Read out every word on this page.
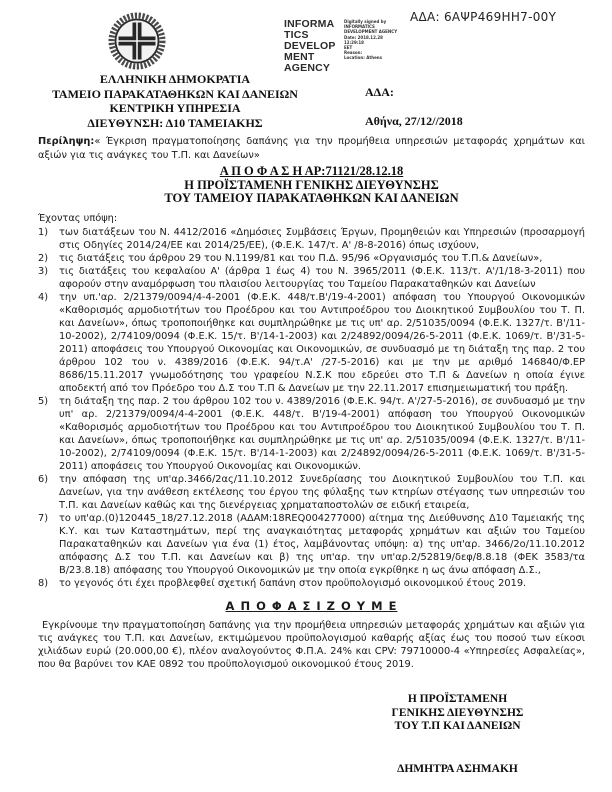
ΑΔΑ: 6ΑΨΡ469ΗΗ7-00Υ
INFORMATICS DEVELOPMENT AGENCY
Digitally signed by
INFORMATICS
DEVELOPMENT AGENCY
Date: 2018.12.28 12:29:18
EET
Reason:
Location: Athens
ΕΛΛΗΝΙΚΗ ΔΗΜΟΚΡΑΤΙΑ
ΤΑΜΕΙΟ ΠΑΡΑΚΑΤΑΘΗΚΩΝ ΚΑΙ ΔΑΝΕΙΩΝ
ΚΕΝΤΡΙΚΗ ΥΠΗΡΕΣΙΑ
ΔΙΕΥΘΥΝΣΗ: Δ10 ΤΑΜΕΙΑΚΗΣ
ΑΔΑ:
Αθήνα, 27/12//2018
Περίληψη:« Έγκριση πραγματοποίησης δαπάνης για την προμήθεια υπηρεσιών μεταφοράς χρημάτων και αξιών για τις ανάγκες του Τ.Π. και Δανείων»
Α Π Ο Φ Α Σ Η ΑΡ:71121/28.12.18
Η ΠΡΟΪΣΤΑΜΕΝΗ ΓΕΝΙΚΗΣ ΔΙΕΥΘΥΝΣΗΣ
ΤΟΥ ΤΑΜΕΙΟΥ ΠΑΡΑΚΑΤΑΘΗΚΩΝ ΚΑΙ ΔΑΝΕΙΩΝ
Έχοντας υπόψη:
1)	των διατάξεων του Ν. 4412/2016 «Δημόσιες Συμβάσεις Έργων, Προμηθειών και Υπηρεσιών (προσαρμογή στις Οδηγίες 2014/24/ΕΕ και 2014/25/ΕΕ), (Φ.Ε.Κ. 147/τ. Α' /8-8-2016) όπως ισχύουν,
2)	τις διατάξεις του άρθρου 29 του Ν.1199/81 και του Π.Δ. 95/96 «Οργανισμός του Τ.Π.& Δανείων»,
3)	τις διατάξεις του κεφαλαίου Α' (άρθρα 1 έως 4) του Ν. 3965/2011 (Φ.Ε.Κ. 113/τ. Α'/1/18-3-2011) που αφορούν στην αναμόρφωση του πλαισίου λειτουργίας του Ταμείου Παρακαταθηκών και Δανείων
4)	την υπ.'αρ. 2/21379/0094/4-4-2001 (Φ.Ε.Κ. 448/τ.Β'/19-4-2001) απόφαση του Υπουργού Οικονομικών «Καθορισμός αρμοδιοτήτων του Προέδρου και του Αντιπροέδρου του Διοικητικού Συμβουλίου του Τ. Π. και Δανείων», όπως τροποποιήθηκε και συμπληρώθηκε με τις υπ' αρ. 2/51035/0094 (Φ.Ε.Κ. 1327/τ. Β'/11-10-2002), 2/74109/0094 (Φ.Ε.Κ. 15/τ. Β'/14-1-2003) και 2/24892/0094/26-5-2011 (Φ.Ε.Κ. 1069/τ. Β'/31-5-2011) αποφάσεις του Υπουργού Οικονομίας και Οικονομικών, σε συνδυασμό με τη διάταξη της παρ. 2 του άρθρου 102 του ν. 4389/2016 (Φ.Ε.Κ. 94/τ.Α' /27-5-2016) και με την με αριθμό 146840/Φ.ΕΡ 8686/15.11.2017 γνωμοδότησης του γραφείου Ν.Σ.Κ που εδρεύει στο Τ.Π & Δανείων η οποία έγινε αποδεκτή από τον Πρόεδρο του Δ.Σ του Τ.Π & Δανείων με την 22.11.2017 επισημειωματική του πράξη.
5)	τη διάταξη της παρ. 2 του άρθρου 102 του ν. 4389/2016 (Φ.Ε.Κ. 94/τ. Α'/27-5-2016), σε συνδυασμό με την υπ' αρ. 2/21379/0094/4-4-2001 (Φ.Ε.Κ. 448/τ. Β'/19-4-2001) απόφαση του Υπουργού Οικονομικών «Καθορισμός αρμοδιοτήτων του Προέδρου και του Αντιπροέδρου του Διοικητικού Συμβουλίου του Τ. Π. και Δανείων», όπως τροποποιήθηκε και συμπληρώθηκε με τις υπ' αρ. 2/51035/0094 (Φ.Ε.Κ. 1327/τ. Β'/11-10-2002), 2/74109/0094 (Φ.Ε.Κ. 15/τ. Β'/14-1-2003) και 2/24892/0094/26-5-2011 (Φ.Ε.Κ. 1069/τ. Β'/31-5-2011) αποφάσεις του Υπουργού Οικονομίας και Οικονομικών.
6)	την απόφαση της υπ'αρ.3466/2ας/11.10.2012 Συνεδρίασης του Διοικητικού Συμβουλίου του Τ.Π. και Δανείων, για την ανάθεση εκτέλεσης του έργου της φύλαξης των κτηρίων στέγασης των υπηρεσιών του Τ.Π. και Δανείων καθώς και της διενέργειας χρηματαποστολών σε ειδική εταιρεία,
7)	το υπ'αρ.(0)120445_18/27.12.2018 (ΑΔΑΜ:18REQ004277000) αίτημα της Διεύθυνσης Δ10 Ταμειακής της Κ.Υ. και των Καταστημάτων, περί της αναγκαιότητας μεταφοράς χρημάτων και αξιών του Ταμείου Παρακαταθηκών και Δανείων για ένα (1) έτος, λαμβάνοντας υπόψη: α) της υπ'αρ. 3466/2ο/11.10.2012 απόφασης Δ.Σ του Τ.Π. και Δανείων και β) της υπ'αρ. την υπ'αρ.2/52819/δεφ/8.8.18 (ΦΕΚ 3583/τα Β/23.8.18) απόφασης του Υπουργού Οικονομικών με την οποία εγκρίθηκε η ως άνω απόφαση Δ.Σ.,
8)	το γεγονός ότι έχει προβλεφθεί σχετική δαπάνη στον προϋπολογισμό οικονομικού έτους 2019.
Α Π Ο Φ Α Σ Ι Ζ Ο Υ Μ Ε
Εγκρίνουμε την πραγματοποίηση δαπάνης για την προμήθεια υπηρεσιών μεταφοράς χρημάτων και αξιών για τις ανάγκες του Τ.Π. και Δανείων, εκτιμώμενου προϋπολογισμού καθαρής αξίας έως του ποσού των είκοσι χιλιάδων ευρώ (20.000,00 €), πλέον αναλογούντος Φ.Π.Α. 24% και CPV: 79710000-4 «Υπηρεσίες Ασφαλείας», που θα βαρύνει τον ΚΑΕ 0892 του προϋπολογισμού οικονομικού έτους 2019.
Η ΠΡΟΪΣΤΑΜΕΝΗ
ΓΕΝΙΚΗΣ ΔΙΕΥΘΥΝΣΗΣ
ΤΟΥ Τ.Π ΚΑΙ ΔΑΝΕΙΩΝ
ΔΗΜΗΤΡΑ ΑΣΗΜΑΚΗ
